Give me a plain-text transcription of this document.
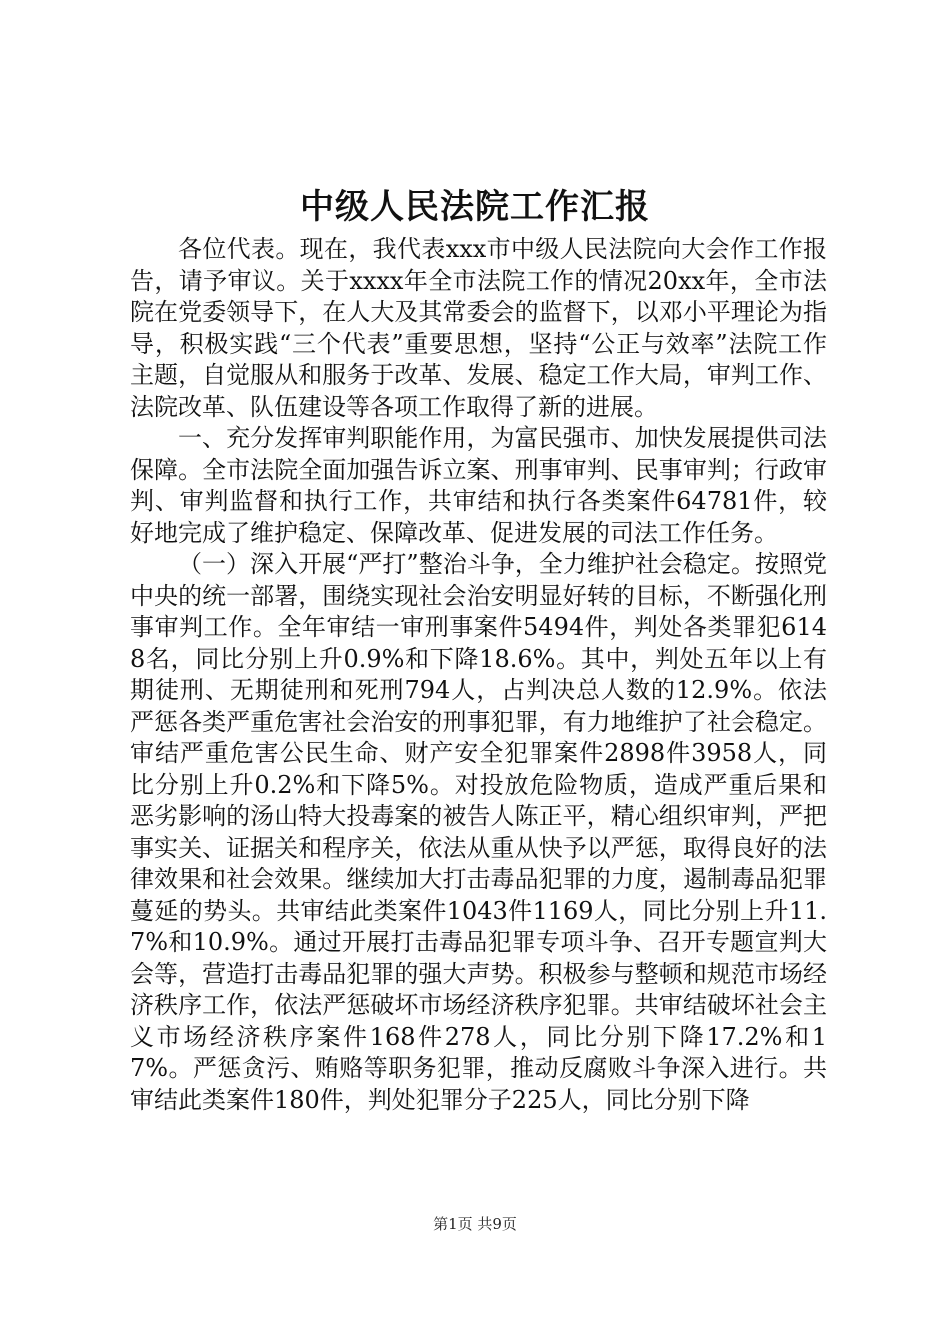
中级人民法院工作汇报

各位代表。现在，我代表xxx市中级人民法院向大会作工作报告，请予审议。关于xxxx年全市法院工作的情况20xx年，全市法院在党委领导下，在人大及其常委会的监督下，以邓小平理论为指导，积极实践“三个代表”重要思想，坚持“公正与效率”法院工作主题，自觉服从和服务于改革、发展、稳定工作大局，审判工作、法院改革、队伍建设等各项工作取得了新的进展。

一、充分发挥审判职能作用，为富民强市、加快发展提供司法保障。全市法院全面加强告诉立案、刑事审判、民事审判；行政审判、审判监督和执行工作，共审结和执行各类案件64781件，较好地完成了维护稳定、保障改革、促进发展的司法工作任务。

（一）深入开展“严打”整治斗争，全力维护社会稳定。按照党中央的统一部署，围绕实现社会治安明显好转的目标，不断强化刑事审判工作。全年审结一审刑事案件5494件，判处各类罪犯6148名，同比分别上升0.9%和下降18.6%。其中，判处五年以上有期徒刑、无期徒刑和死刑794人，占判决总人数的12.9%。依法严惩各类严重危害社会治安的刑事犯罪，有力地维护了社会稳定。审结严重危害公民生命、财产安全犯罪案件2898件3958人，同比分别上升0.2%和下降5%。对投放危险物质，造成严重后果和恶劣影响的汤山特大投毒案的被告人陈正平，精心组织审判，严把事实关、证据关和程序关，依法从重从快予以严惩，取得良好的法律效果和社会效果。继续加大打击毒品犯罪的力度，遏制毒品犯罪蔓延的势头。共审结此类案件1043件1169人，同比分别上升11.7%和10.9%。通过开展打击毒品犯罪专项斗争、召开专题宣判大会等，营造打击毒品犯罪的强大声势。积极参与整顿和规范市场经济秩序工作，依法严惩破坏市场经济秩序犯罪。共审结破坏社会主义市场经济秩序案件168件278人，同比分别下降17.2%和17%。严惩贪污、贿赂等职务犯罪，推动反腐败斗争深入进行。共审结此类案件180件，判处犯罪分子225人，同比分别下降

第1页 共9页
